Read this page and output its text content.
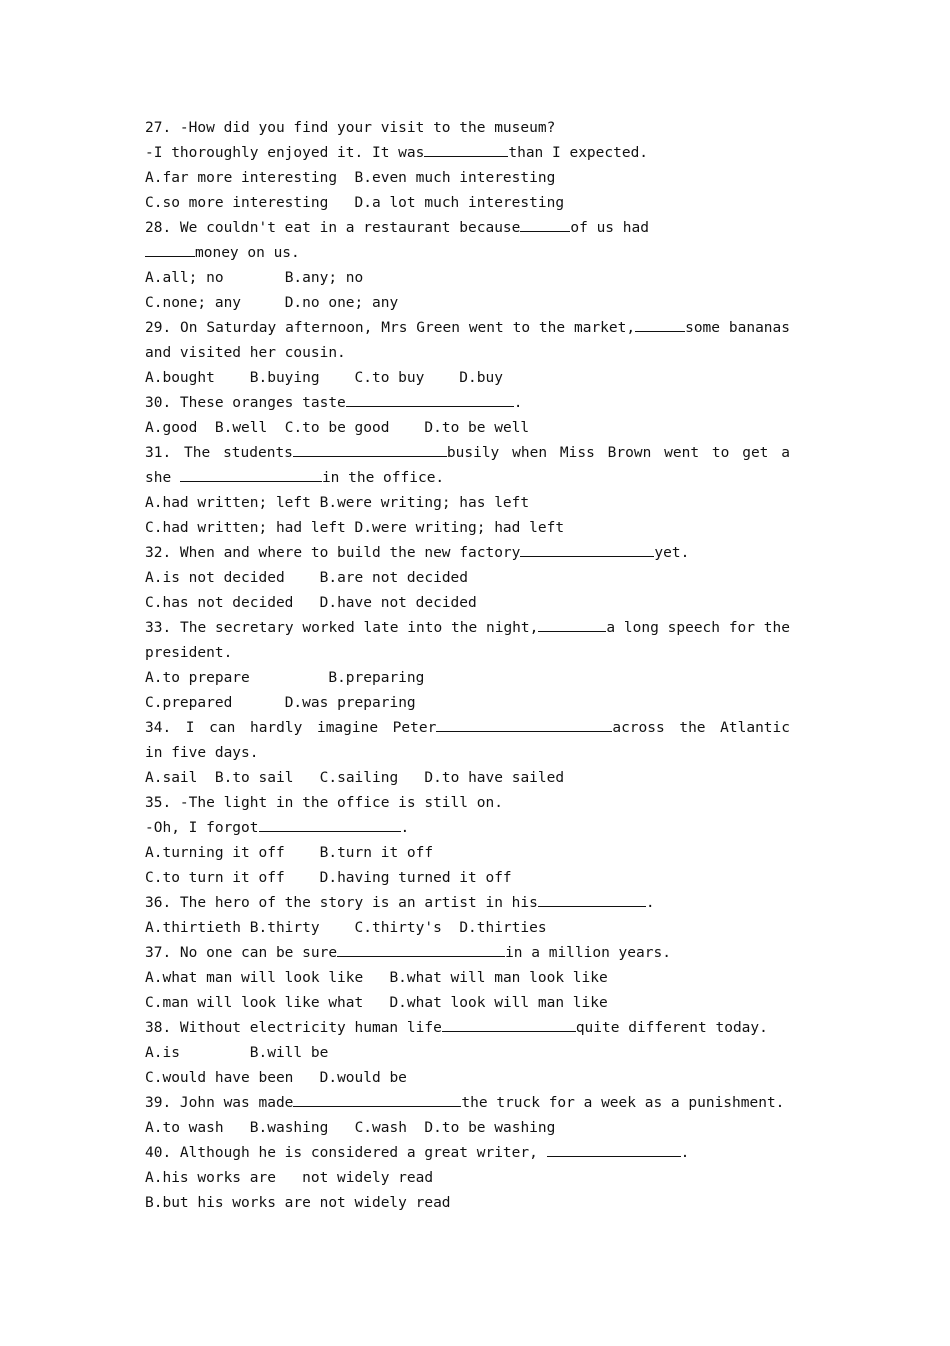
27. -How did you find your visit to the museum?
-I thoroughly enjoyed it. It was	than I expected.
A.far more interesting B.even much interesting
C.so more interesting D.a lot much interesting
28. We couldn't eat in a restaurant because	of us had
money on us.
A.all; no	B.any; no
C.none; any	D.no one; any
29. On Saturday afternoon, Mrs Green went to the market,	some bananas
and visited her cousin.
A.bought B.buying C.to buy D.buy
30. These oranges taste	.
A.good B.well C.to be good D.to be well
31. The students	busily when Miss Brown went to get a
she	in the office.
A.had written; left B.were writing; has left
C.had written; had left D.were writing; had left
32. When and where to build the new factory	yet.
A.is not decided B.are not decided
C.has not decided D.have not decided
33. The secretary worked late into the night,	a long speech for the
president.
A.to prepare	B.preparing
C.prepared	D.was preparing
34. I can hardly imagine Peter	across the Atlantic
in five days.
A.sail B.to sail C.sailing D.to have sailed
35. -The light in the office is still on.
-Oh, I forgot	.
A.turning it off B.turn it off
C.to turn it off D.having turned it off
36. The hero of the story is an artist in his	.
A.thirtieth B.thirty C.thirty's D.thirties
37. No one can be sure	in a million years.
A.what man will look like B.what will man look like
C.man will look like what D.what look will man like
38. Without electricity human life	quite different today.
A.is	B.will be
C.would have been D.would be
39. John was made	the truck for a week as a punishment.
A.to wash B.washing C.wash D.to be washing
40. Although he is considered a great writer,	.
A.his works are   not widely read
B.but his works are not widely read
